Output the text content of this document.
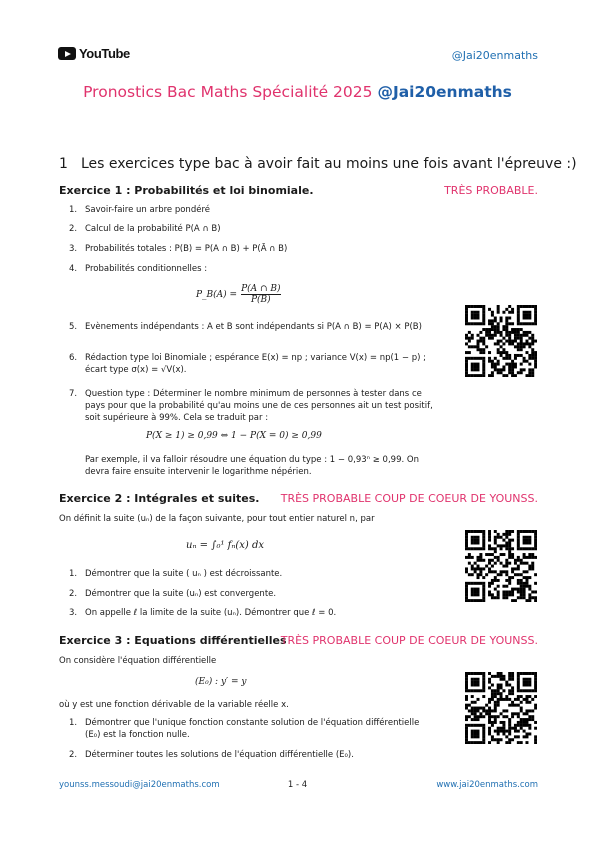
YouTube	@Jai20enmaths
Pronostics Bac Maths Spécialité 2025 @Jai20enmaths
1 Les exercices type bac à avoir fait au moins une fois avant l'épreuve :)
Exercice 1 : Probabilités et loi binomiale.	TRÈS PROBABLE.
1. Savoir-faire un arbre pondéré
2. Calcul de la probabilité P(A ∩ B)
3. Probabilités totales : P(B) = P(A ∩ B) + P(Ā ∩ B)
4. Probabilités conditionnelles :
P_B(A) = $\frac{P(A \cap B)}{P(B)}$
5. Evènements indépendants : A et B sont indépendants si P(A ∩ B) = P(A) × P(B)
6. Rédaction type loi Binomiale ; espérance E(x) = np ; variance V(x) = np(1 − p) ; écart type σ(x) = √V(x).
7. Question type : Déterminer le nombre minimum de personnes à tester dans ce pays pour que la probabilité qu'au moins une de ces personnes ait un test positif, soit supérieure à 99%. Cela se traduit par :
P(X ≥ 1) ≥ 0,99 ⇔ 1 − P(X = 0) ≥ 0,99
Par exemple, il va falloir résoudre une équation du type : 1 − 0,93ⁿ ≥ 0,99. On devra faire ensuite intervenir le logarithme népérien.
Exercice 2 : Intégrales et suites. TRÈS PROBABLE COUP DE COEUR DE YOUNSS.
On définit la suite (uₙ) de la façon suivante, pour tout entier naturel n, par
uₙ = ∫₀¹ fₙ(x) dx
1. Démontrer que la suite ( uₙ ) est décroissante.
2. Démontrer que la suite (uₙ) est convergente.
3. On appelle ℓ la limite de la suite (uₙ). Démontrer que ℓ = 0.
Exercice 3 : Equations différentielles
TRÈS PROBABLE COUP DE COEUR DE YOUNSS.
On considère l'équation différentielle
(E₀) : y′ = y
où y est une fonction dérivable de la variable réelle x.
1. Démontrer que l'unique fonction constante solution de l'équation différentielle (E₀) est la fonction nulle.
2. Déterminer toutes les solutions de l'équation différentielle (E₀).
younss.messoudi@jai20enmaths.com	1 - 4	www.jai20enmaths.com
